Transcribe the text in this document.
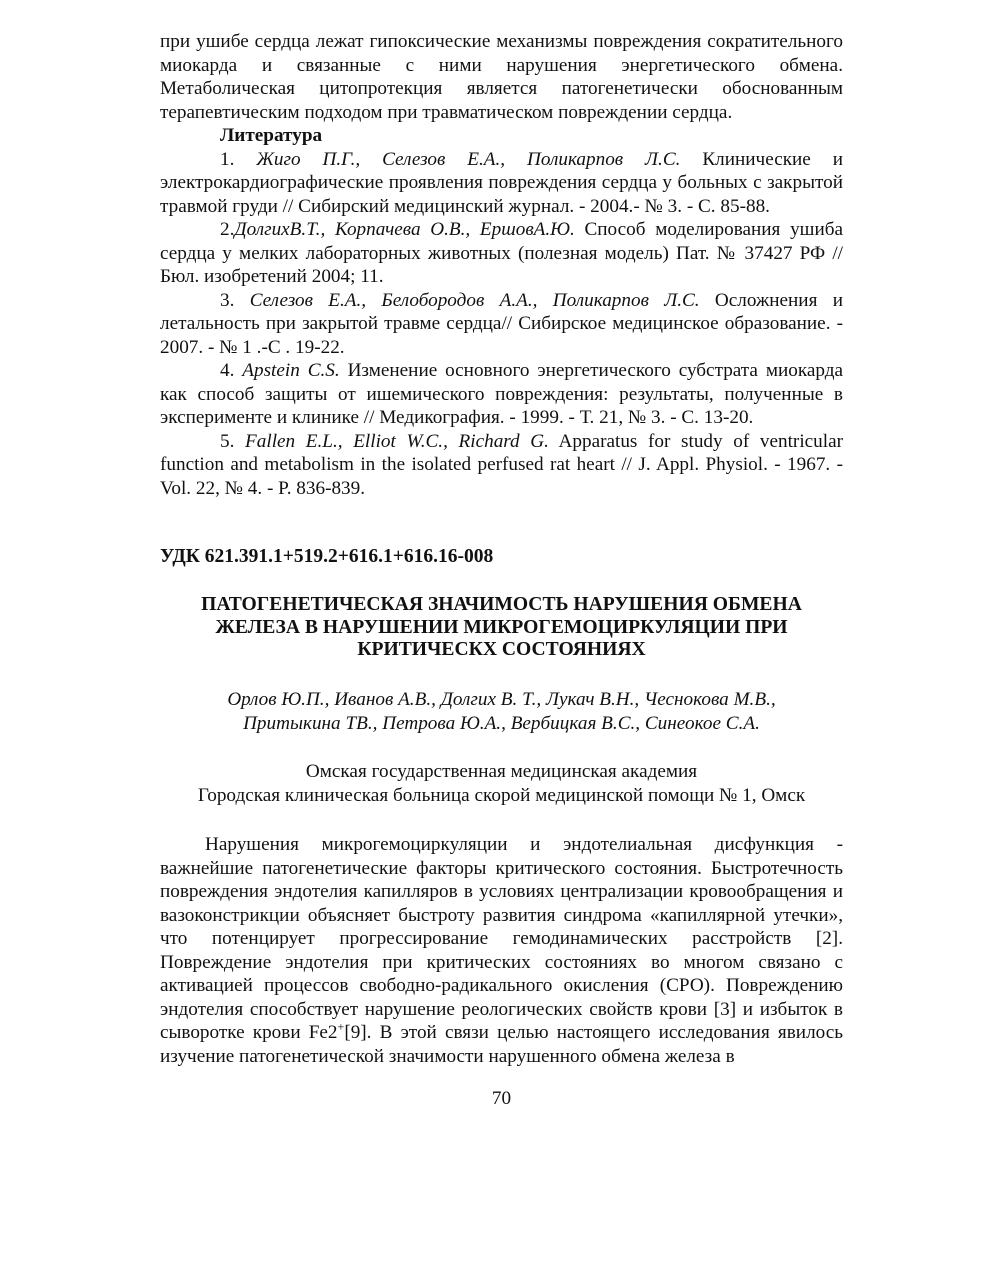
при ушибе сердца лежат гипоксические механизмы повреждения сократительного миокарда и связанные с ними нарушения энергетического обмена. Метаболическая цитопротекция является патогенетически обоснованным терапевтическим подходом при травматическом повреждении сердца.

Литература

1. Жиго П.Г., Селезов Е.А., Поликарпов Л.С. Клинические и электрокардиографические проявления повреждения сердца у больных с закрытой травмой груди // Сибирский медицинский журнал. - 2004.- № 3. - С. 85-88.

2.ДолгихВ.Т., Корпачева О.В., ЕршовА.Ю. Способ моделирования ушиба сердца у мелких лабораторных животных (полезная модель) Пат. № 37427 РФ // Бюл. изобретений 2004; 11.

3. Селезов Е.А., Белобородов А.А., Поликарпов Л.С. Осложнения и летальность при закрытой травме сердца// Сибирское медицинское образование. - 2007. - № 1 .-С . 19-22.

4. Apstein C.S. Изменение основного энергетического субстрата миокарда как способ защиты от ишемического повреждения: результаты, полученные в эксперименте и клинике // Медикография. - 1999. - Т. 21, № 3. - С. 13-20.

5. Fallen E.L., Elliot W.C., Richard G. Apparatus for study of ventricular function and metabolism in the isolated perfused rat heart // J. Appl. Physiol. - 1967. - Vol. 22, № 4. - P. 836-839.

УДК 621.391.1+519.2+616.1+616.16-008
ПАТОГЕНЕТИЧЕСКАЯ ЗНАЧИМОСТЬ НАРУШЕНИЯ ОБМЕНА
ЖЕЛЕЗА В НАРУШЕНИИ МИКРОГЕМОЦИРКУЛЯЦИИ ПРИ
КРИТИЧЕСКХ СОСТОЯНИЯХ
Орлов Ю.П., Иванов А.В., Долгих В. Т., Лукач В.Н., Чеснокова М.В.,
Притыкина ТВ., Петрова Ю.А., Вербицкая В.С., Синеокое С.А.
Омская государственная медицинская академия
Городская клиническая больница скорой медицинской помощи № 1, Омск

Нарушения микрогемоциркуляции и эндотелиальная дисфункция - важнейшие патогенетические факторы критического состояния. Быстротечность повреждения эндотелия капилляров в условиях централизации кровообращения и вазоконстрикции объясняет быстроту развития синдрома «капиллярной утечки», что потенцирует прогрессирование гемодинамических расстройств [2]. Повреждение эндотелия при критических состояниях во многом связано с активацией процессов свободно-радикального окисления (СРО). Повреждению эндотелия способствует нарушение реологических свойств крови [3] и избыток в сыворотке крови Fe2+[9]. В этой связи целью настоящего исследования явилось изучение патогенетической значимости нарушенного обмена железа в

70
